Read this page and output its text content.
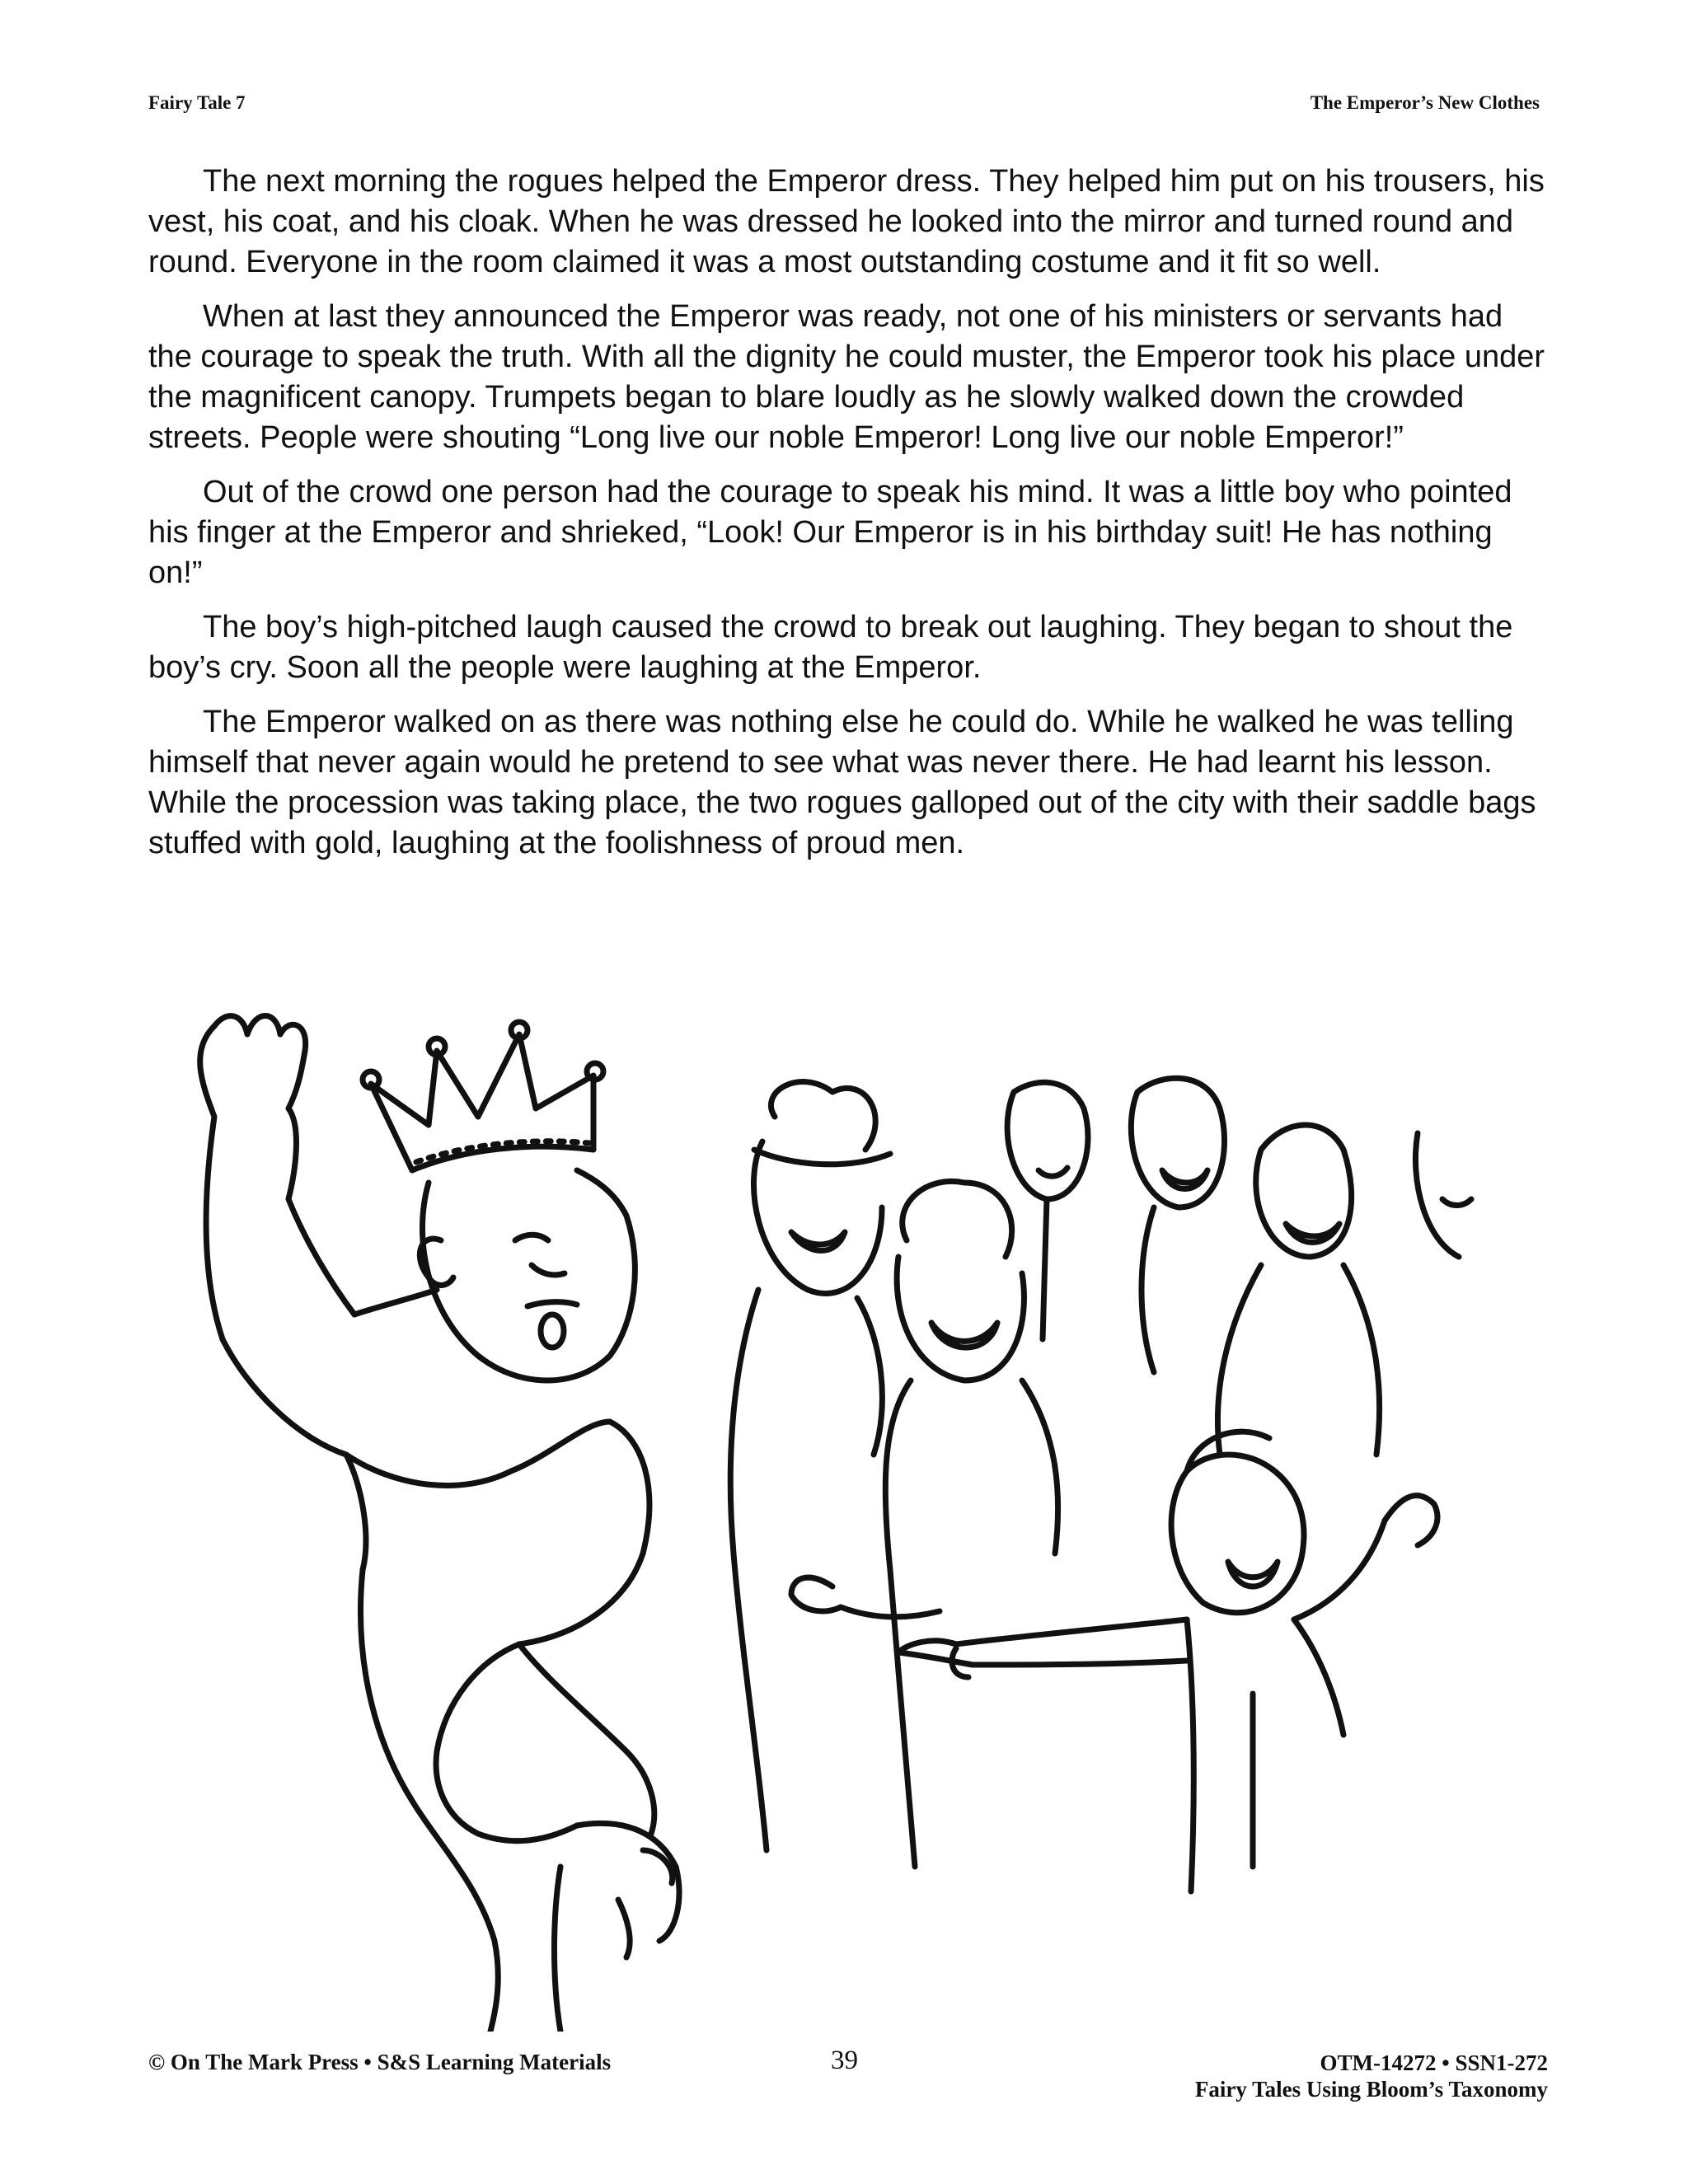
Fairy Tale 7	The Emperor’s New Clothes

The next morning the rogues helped the Emperor dress. They helped him put on his trousers, his vest, his coat, and his cloak. When he was dressed he looked into the mirror and turned round and round. Everyone in the room claimed it was a most outstanding costume and it fit so well.

When at last they announced the Emperor was ready, not one of his ministers or servants had the courage to speak the truth. With all the dignity he could muster, the Emperor took his place under the magnificent canopy. Trumpets began to blare loudly as he slowly walked down the crowded streets. People were shouting “Long live our noble Emperor! Long live our noble Emperor!”

Out of the crowd one person had the courage to speak his mind. It was a little boy who pointed his finger at the Emperor and shrieked, “Look! Our Emperor is in his birthday suit! He has nothing on!”

The boy’s high-pitched laugh caused the crowd to break out laughing. They began to shout the boy’s cry. Soon all the people were laughing at the Emperor.

The Emperor walked on as there was nothing else he could do. While he walked he was telling himself that never again would he pretend to see what was never there. He had learnt his lesson. While the procession was taking place, the two rogues galloped out of the city with their saddle bags stuffed with gold, laughing at the foolishness of proud men.

© On The Mark Press • S&S Learning Materials	39	OTM-14272 • SSN1-272
Fairy Tales Using Bloom’s Taxonomy
